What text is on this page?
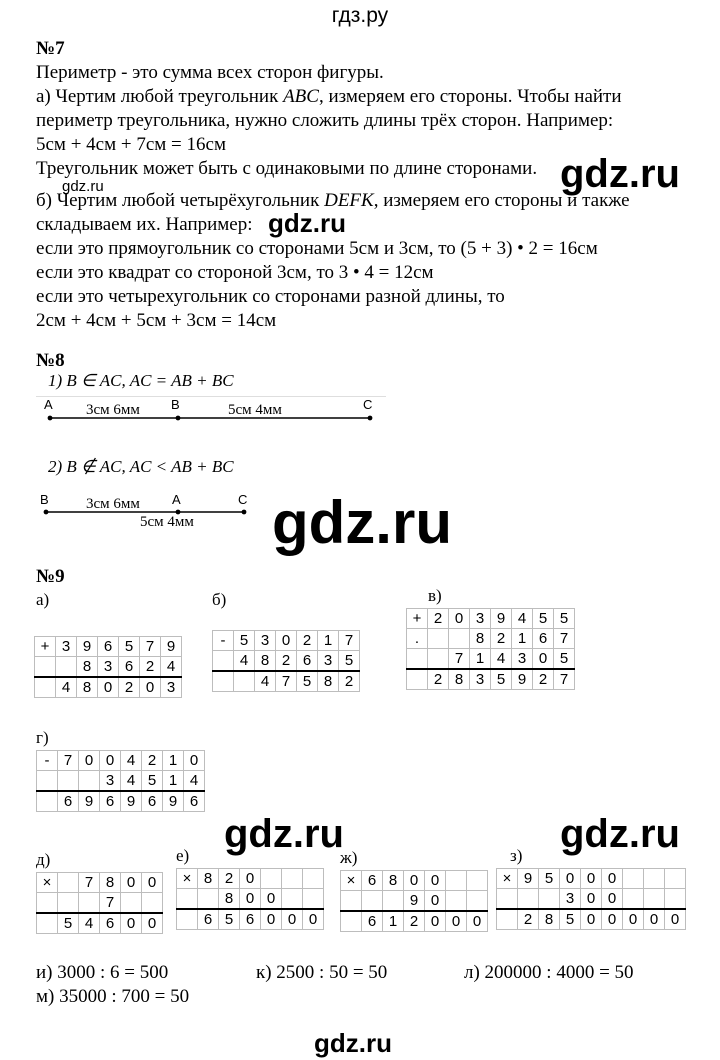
гдз.ру
№7
Периметр - это сумма всех сторон фигуры.
а) Чертим любой треугольник ABC, измеряем его стороны. Чтобы найти
периметр треугольника, нужно сложить длины трёх сторон. Например:
5см + 4см + 7см = 16см
Треугольник может быть с одинаковыми по длине сторонами. gdz.ru
gdz.ru
б) Чертим любой четырёхугольник DEFK, измеряем его стороны и также
складываем их. Например: gdz.ru
если это прямоугольник со сторонами 5см и 3см, то (5 + 3) • 2 = 16см
если это квадрат со стороной 3см, то 3 • 4 = 12см
если это четырехугольник со сторонами разной длины, то
2см + 4см + 5см + 3см = 14см
№8
1) B ∈ AC, AC = AB + BC
A	B	C
3см 6мм	5см 4мм
2) B ∉ AC, AC < AB + BC
B	A	C
3см 6мм
5см 4мм gdz.ru
№9
а)	б)	в)
+	3	9	6	5	7	9
		8	3	6	2	4
	4	8	0	2	0	3
-	5	3	0	2	1	7
	4	8	2	6	3	5
		4	7	5	8	2
+	2	0	3	9	4	5	5
.			8	2	1	6	7
		7	1	4	3	0	5
	2	8	3	5	9	2	7
-	7	0	0	4	2	1	0
			3	4	5	1	4
	6	9	6	9	6	9	6
×		7	8	0	0
			7		
	5	4	6	0	0
×	8	2	0			
		8	0	0		
	6	5	6	0	0	0
×	6	8	0	0		
			9	0		
	6	1	2	0	0	0
×	9	5	0	0	0			
			3	0	0			
	2	8	5	0	0	0	0	0
г)
gdz.ru	gdz.ru
д)	е)	ж)	з)
и) 3000 : 6 = 500	к) 2500 : 50 = 50	л) 200000 : 4000 = 50
м) 35000 : 700 = 50
gdz.ru
